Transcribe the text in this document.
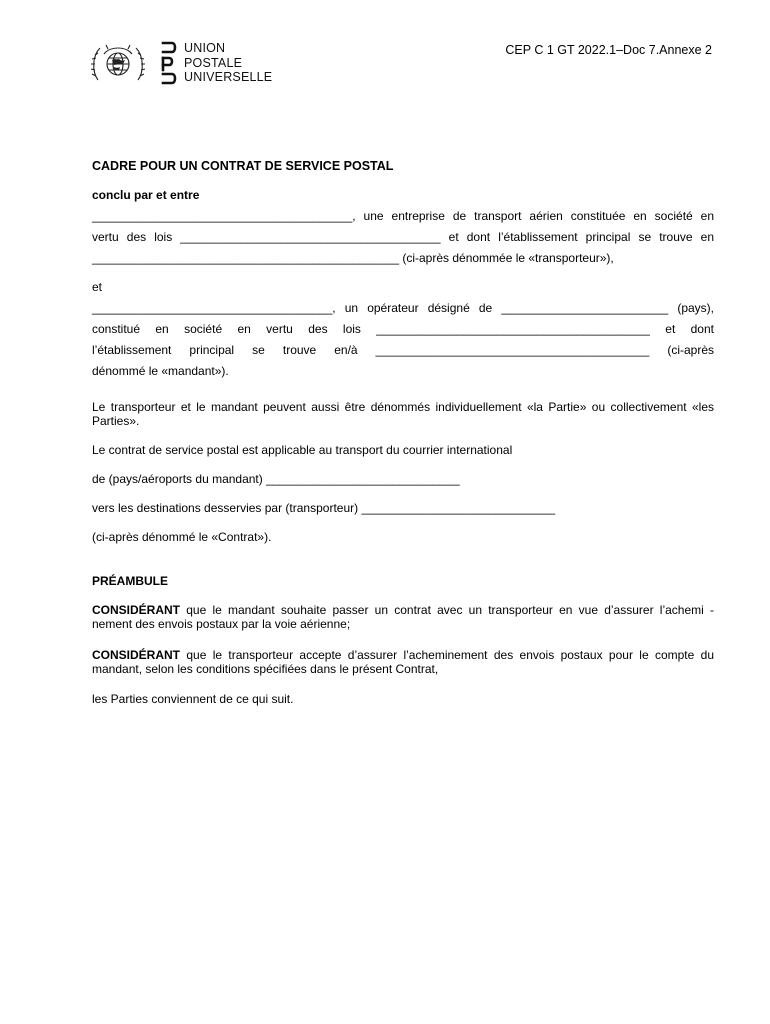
UNION
POSTALE
UNIVERSELLE
CEP C 1 GT 2022.1–Doc 7.Annexe 2
CADRE POUR UN CONTRAT DE SERVICE POSTAL
conclu par et entre
_______________________________________, une entreprise de transport aérien constituée en société en
vertu des lois _______________________________________ et dont l’établissement principal se trouve en
______________________________________________ (ci-après dénommée le «transporteur»),
et
____________________________________, un opérateur désigné de _________________________ (pays),
constitué en société en vertu des lois _________________________________________ et dont
l’établissement principal se trouve en/à _________________________________________ (ci-après
dénommé le «mandant»).
Le transporteur et le mandant peuvent aussi être dénommés individuellement «la Partie» ou collectivement «les Parties».
Le contrat de service postal est applicable au transport du courrier international
de (pays/aéroports du mandant) _____________________________
vers les destinations desservies par (transporteur) _____________________________
(ci-après dénommé le «Contrat»).
PRÉAMBULE
CONSIDÉRANT que le mandant souhaite passer un contrat avec un transporteur en vue d’assurer l’achemi - nement des envois postaux par la voie aérienne;
CONSIDÉRANT que le transporteur accepte d’assurer l’acheminement des envois postaux pour le compte du mandant, selon les conditions spécifiées dans le présent Contrat,
les Parties conviennent de ce qui suit.
